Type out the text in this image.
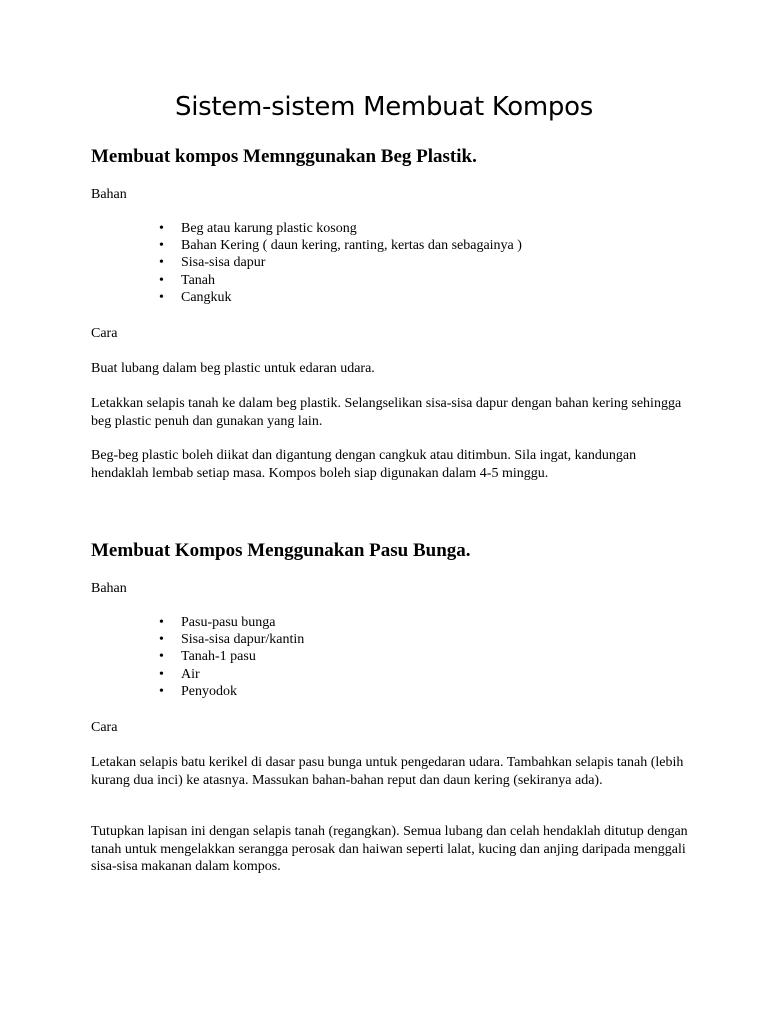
Sistem-sistem Membuat Kompos
Membuat kompos Memnggunakan Beg Plastik.

Bahan

• Beg atau karung plastic kosong
• Bahan Kering ( daun kering, ranting, kertas dan sebagainya )
• Sisa-sisa dapur
• Tanah
• Cangkuk

Cara

Buat lubang dalam beg plastic untuk edaran udara.

Letakkan selapis tanah ke dalam beg plastik. Selangselikan sisa-sisa dapur dengan bahan kering sehingga beg plastic penuh dan gunakan yang lain.

Beg-beg plastic boleh diikat dan digantung dengan cangkuk atau ditimbun. Sila ingat, kandungan hendaklah lembab setiap masa. Kompos boleh siap digunakan dalam 4-5 minggu.

Membuat Kompos Menggunakan Pasu Bunga.

Bahan

• Pasu-pasu bunga
• Sisa-sisa dapur/kantin
• Tanah-1 pasu
• Air
• Penyodok

Cara

Letakan selapis batu kerikel di dasar pasu bunga untuk pengedaran udara. Tambahkan selapis tanah (lebih kurang dua inci) ke atasnya. Massukan bahan-bahan reput dan daun kering (sekiranya ada).

Tutupkan lapisan ini dengan selapis tanah (regangkan). Semua lubang dan celah hendaklah ditutup dengan tanah untuk mengelakkan serangga perosak dan haiwan seperti lalat, kucing dan anjing daripada menggali sisa-sisa makanan dalam kompos.
